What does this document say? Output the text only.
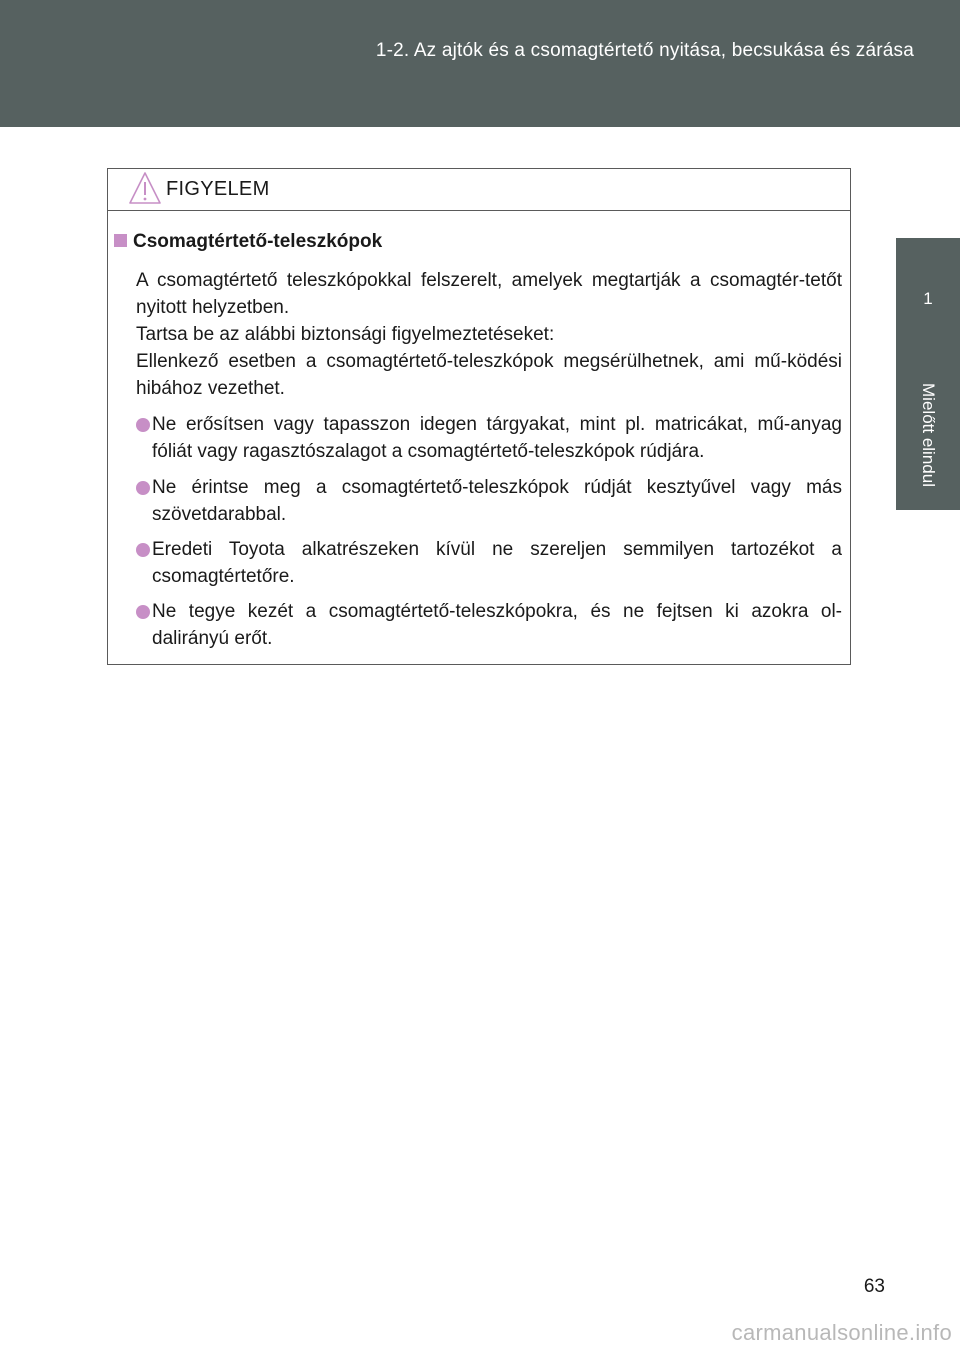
1-2. Az ajtók és a csomagtértető nyitása, becsukása és zárása
1
Mielőtt elindul
FIGYELEM
Csomagtértető-teleszkópok
A csomagtértető teleszkópokkal felszerelt, amelyek megtartják a csomagtér-tetőt nyitott helyzetben.
Tartsa be az alábbi biztonsági figyelmeztetéseket:
Ellenkező esetben a csomagtértető-teleszkópok megsérülhetnek, ami mű-ködési hibához vezethet.
Ne erősítsen vagy tapasszon idegen tárgyakat, mint pl. matricákat, mű-anyag fóliát vagy ragasztószalagot a csomagtértető-teleszkópok rúdjára.
Ne érintse meg a csomagtértető-teleszkópok rúdját kesztyűvel vagy más szövetdarabbal.
Eredeti Toyota alkatrészeken kívül ne szereljen semmilyen tartozékot a csomagtértetőre.
Ne tegye kezét a csomagtértető-teleszkópokra, és ne fejtsen ki azokra ol-dalirányú erőt.
63
carmanualsonline.info
